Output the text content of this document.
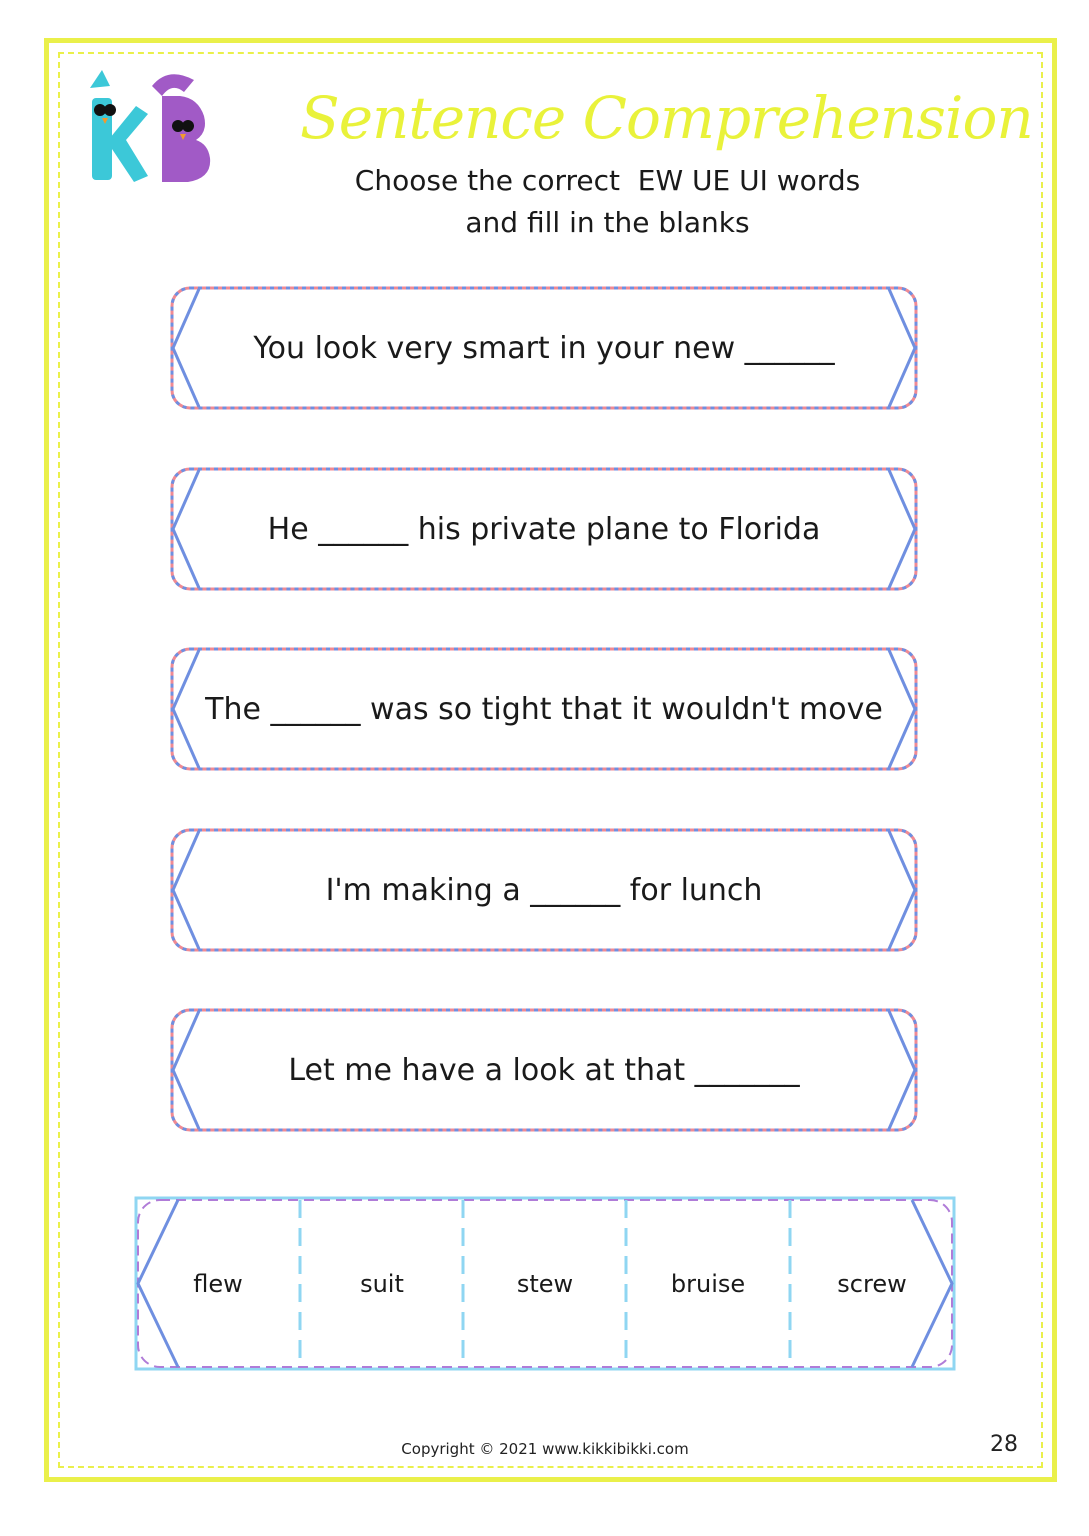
Sentence Comprehension
Choose the correct  EW UE UI words
and fill in the blanks
You look very smart in your new ______
He ______ his private plane to Florida
The ______ was so tight that it wouldn't move
I'm making a ______ for lunch
Let me have a look at that _______
flew	suit	stew	bruise	screw
Copyright © 2021 www.kikkibikki.com	28
